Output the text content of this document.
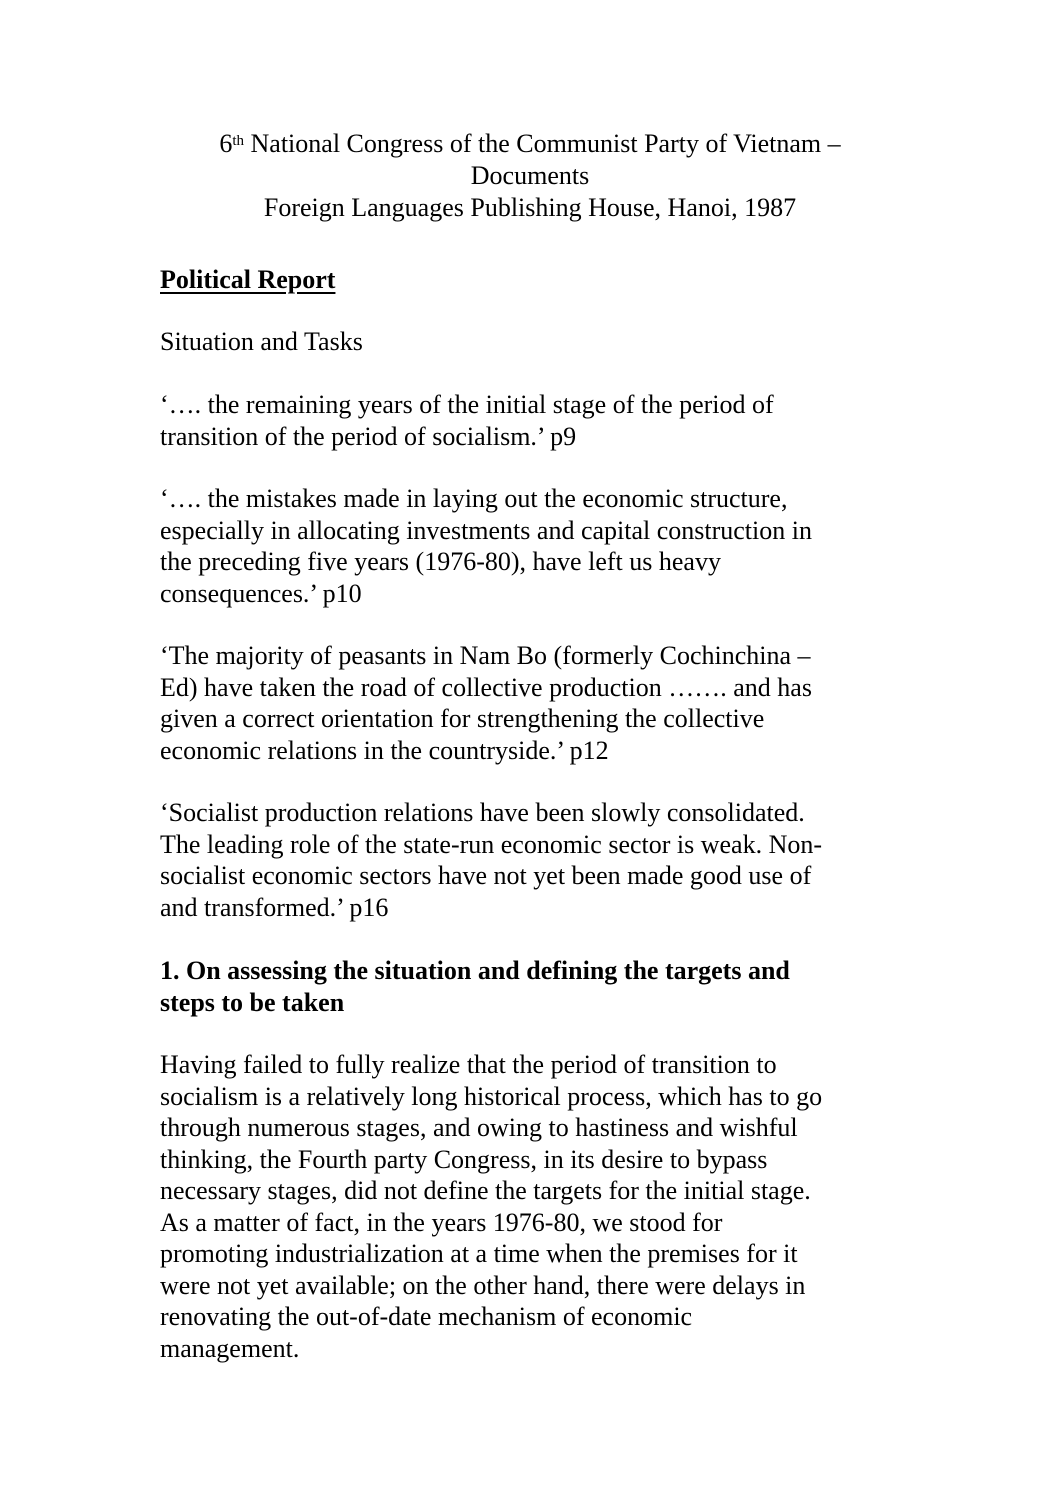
6th National Congress of the Communist Party of Vietnam –
Documents
Foreign Languages Publishing House, Hanoi, 1987
Political Report
Situation and Tasks
‘…. the remaining years of the initial stage of the period of
transition of the period of socialism.’ p9
‘…. the mistakes made in laying out the economic structure,
especially in allocating investments and capital construction in
the preceding five years (1976-80), have left us heavy
consequences.’ p10
‘The majority of peasants in Nam Bo (formerly Cochinchina –
Ed) have taken the road of collective production ……. and has
given a correct orientation for strengthening the collective
economic relations in the countryside.’ p12
‘Socialist production relations have been slowly consolidated.
The leading role of the state-run economic sector is weak. Non-
socialist economic sectors have not yet been made good use of
and transformed.’ p16
1. On assessing the situation and defining the targets and
steps to be taken
Having failed to fully realize that the period of transition to
socialism is a relatively long historical process, which has to go
through numerous stages, and owing to hastiness and wishful
thinking, the Fourth party Congress, in its desire to bypass
necessary stages, did not define the targets for the initial stage.
As a matter of fact, in the years 1976-80, we stood for
promoting industrialization at a time when the premises for it
were not yet available; on the other hand, there were delays in
renovating the out-of-date mechanism of economic
management.
